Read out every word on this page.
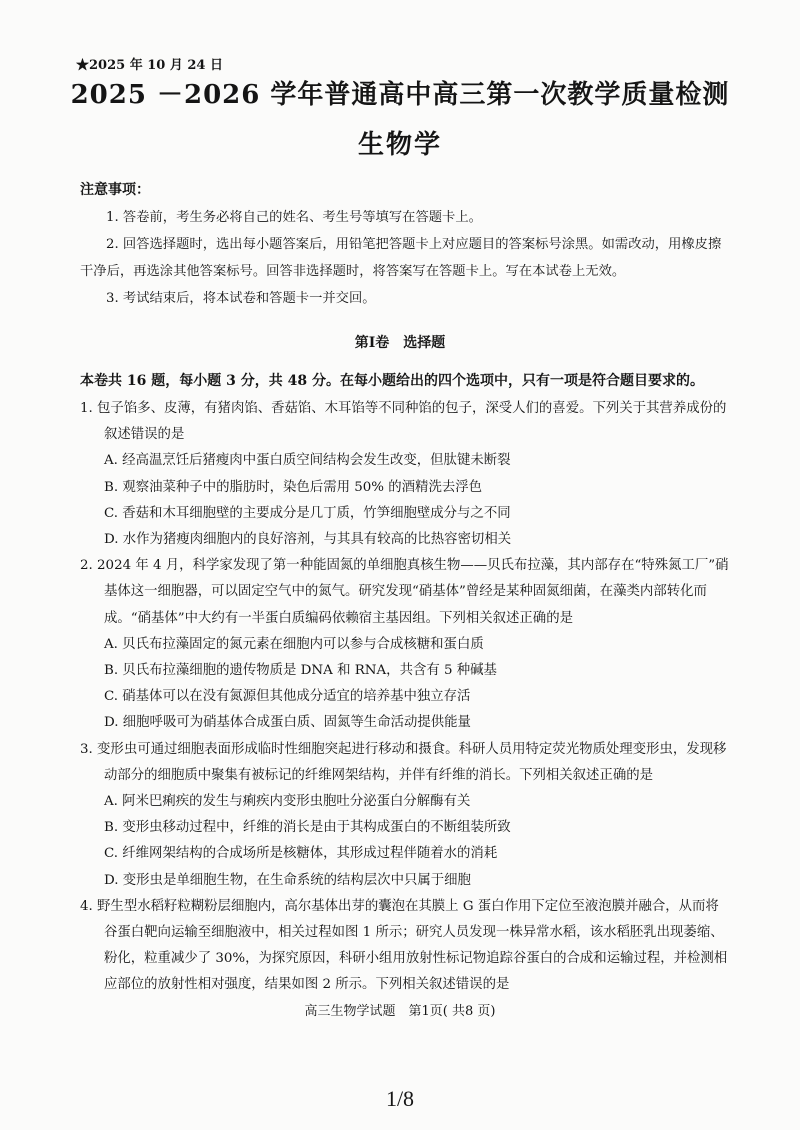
★2025 年 10 月 24 日
2025 －2026 学年普通高中高三第一次教学质量检测
生物学
注意事项：

1. 答卷前，考生务必将自己的姓名、考生号等填写在答题卡上。

2. 回答选择题时，选出每小题答案后，用铅笔把答题卡上对应题目的答案标号涂黑。如需改动，用橡皮擦干净后，再选涂其他答案标号。回答非选择题时，将答案写在答题卡上。写在本试卷上无效。

3. 考试结束后，将本试卷和答题卡一并交回。

第Ⅰ卷　选择题
本卷共 16 题，每小题 3 分，共 48 分。在每小题给出的四个选项中，只有一项是符合题目要求的。

1. 包子馅多、皮薄，有猪肉馅、香菇馅、木耳馅等不同种馅的包子，深受人们的喜爱。下列关于其营养成份的叙述错误的是

A. 经高温烹饪后猪瘦肉中蛋白质空间结构会发生改变，但肽键未断裂

B. 观察油菜种子中的脂肪时，染色后需用 50% 的酒精洗去浮色

C. 香菇和木耳细胞壁的主要成分是几丁质，竹笋细胞壁成分与之不同

D. 水作为猪瘦肉细胞内的良好溶剂，与其具有较高的比热容密切相关

2. 2024 年 4 月，科学家发现了第一种能固氮的单细胞真核生物——贝氏布拉藻，其内部存在“特殊氮工厂”硝基体这一细胞器，可以固定空气中的氮气。研究发现“硝基体”曾经是某种固氮细菌，在藻类内部转化而成。“硝基体”中大约有一半蛋白质编码依赖宿主基因组。下列相关叙述正确的是

A. 贝氏布拉藻固定的氮元素在细胞内可以参与合成核糖和蛋白质

B. 贝氏布拉藻细胞的遗传物质是 DNA 和 RNA，共含有 5 种碱基

C. 硝基体可以在没有氮源但其他成分适宜的培养基中独立存活

D. 细胞呼吸可为硝基体合成蛋白质、固氮等生命活动提供能量

3. 变形虫可通过细胞表面形成临时性细胞突起进行移动和摄食。科研人员用特定荧光物质处理变形虫，发现移动部分的细胞质中聚集有被标记的纤维网架结构，并伴有纤维的消长。下列相关叙述正确的是

A. 阿米巴痢疾的发生与痢疾内变形虫胞吐分泌蛋白分解酶有关

B. 变形虫移动过程中，纤维的消长是由于其构成蛋白的不断组装所致

C. 纤维网架结构的合成场所是核糖体，其形成过程伴随着水的消耗

D. 变形虫是单细胞生物，在生命系统的结构层次中只属于细胞

4. 野生型水稻籽粒糊粉层细胞内，高尔基体出芽的囊泡在其膜上 G 蛋白作用下定位至液泡膜并融合，从而将谷蛋白靶向运输至细胞液中，相关过程如图 1 所示；研究人员发现一株异常水稻，该水稻胚乳出现萎缩、粉化，粒重减少了 30%，为探究原因，科研小组用放射性标记物追踪谷蛋白的合成和运输过程，并检测相应部位的放射性相对强度，结果如图 2 所示。下列相关叙述错误的是

高三生物学试题　第1页( 共8 页)
1/8
